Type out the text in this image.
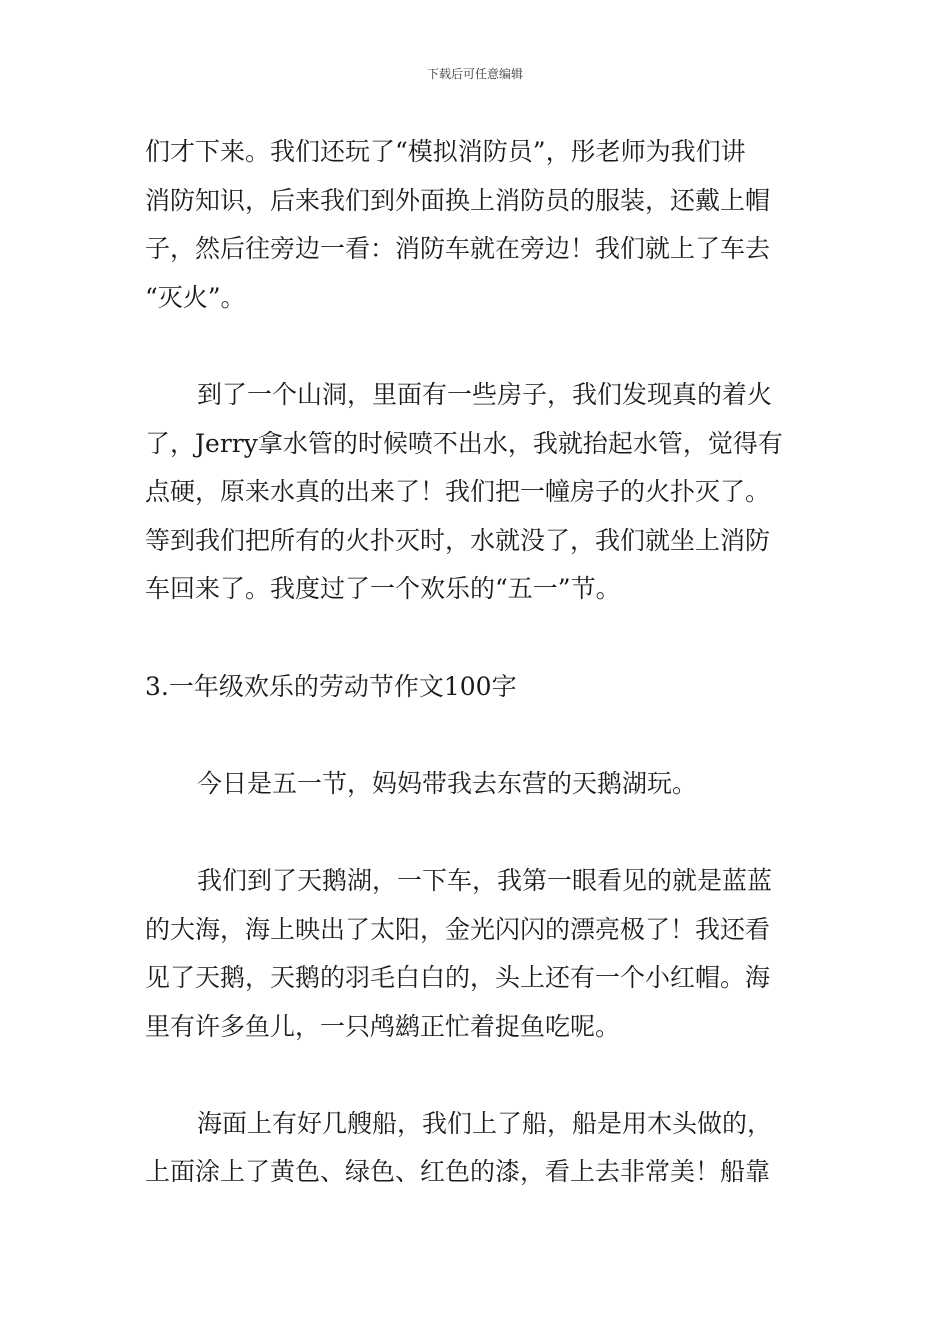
下载后可任意编辑
们才下来。我们还玩了“模拟消防员”，彤老师为我们讲
消防知识，后来我们到外面换上消防员的服装，还戴上帽
子，然后往旁边一看：消防车就在旁边！我们就上了车去
“灭火”。
到了一个山洞，里面有一些房子，我们发现真的着火
了，Jerry拿水管的时候喷不出水，我就抬起水管，觉得有
点硬，原来水真的出来了！我们把一幢房子的火扑灭了。
等到我们把所有的火扑灭时，水就没了，我们就坐上消防
车回来了。我度过了一个欢乐的“五一”节。
3.一年级欢乐的劳动节作文100字
今日是五一节，妈妈带我去东营的天鹅湖玩。
我们到了天鹅湖，一下车，我第一眼看见的就是蓝蓝
的大海，海上映出了太阳，金光闪闪的漂亮极了！我还看
见了天鹅，天鹅的羽毛白白的，头上还有一个小红帽。海
里有许多鱼儿，一只鸬鹚正忙着捉鱼吃呢。
海面上有好几艘船，我们上了船，船是用木头做的，
上面涂上了黄色、绿色、红色的漆，看上去非常美！船靠
